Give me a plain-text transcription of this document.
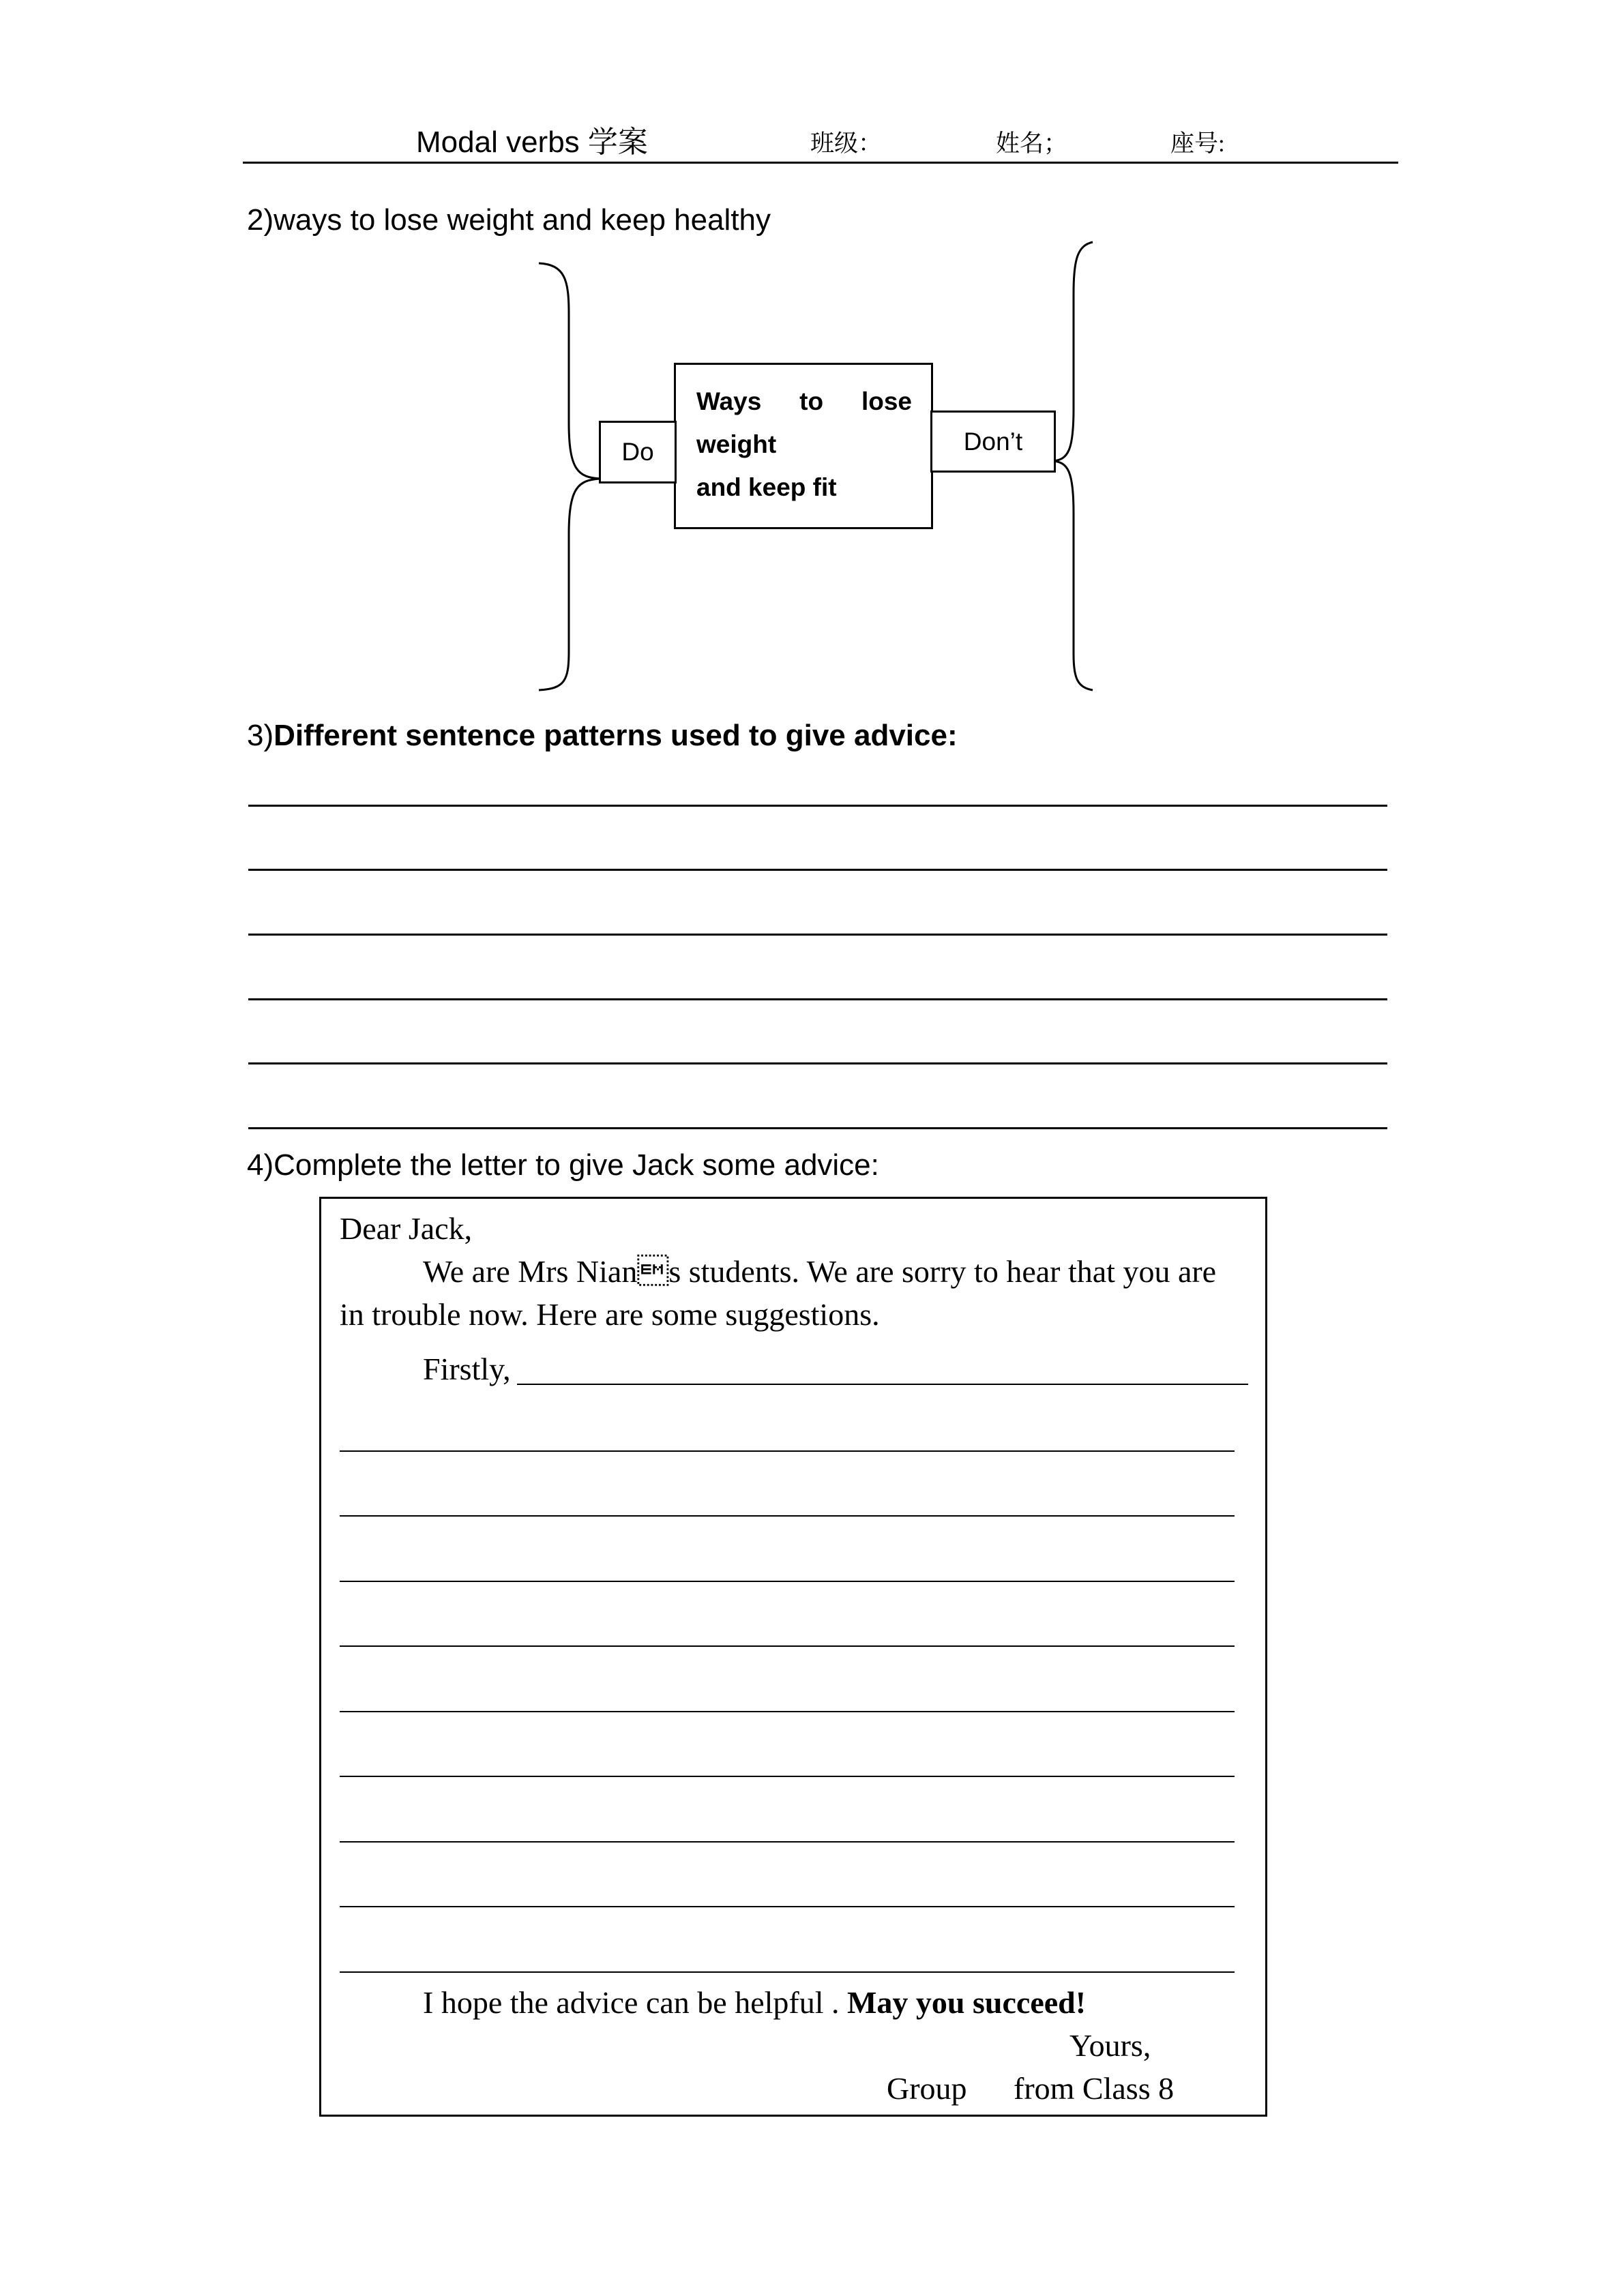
Modal verbs 学案	班级：	姓名；	座号:
2)ways to lose weight and keep healthy
Ways to lose
weight
and keep fit
Do	Don’t
3)Different sentence patterns used to give advice:
4)Complete the letter to give Jack some advice:
Dear Jack,
We are Mrs Nians students. We are sorry to hear that you are
in trouble now. Here are some suggestions.
Firstly,
I hope the advice can be helpful . May you succeed!
Yours,
Group from Class 8
